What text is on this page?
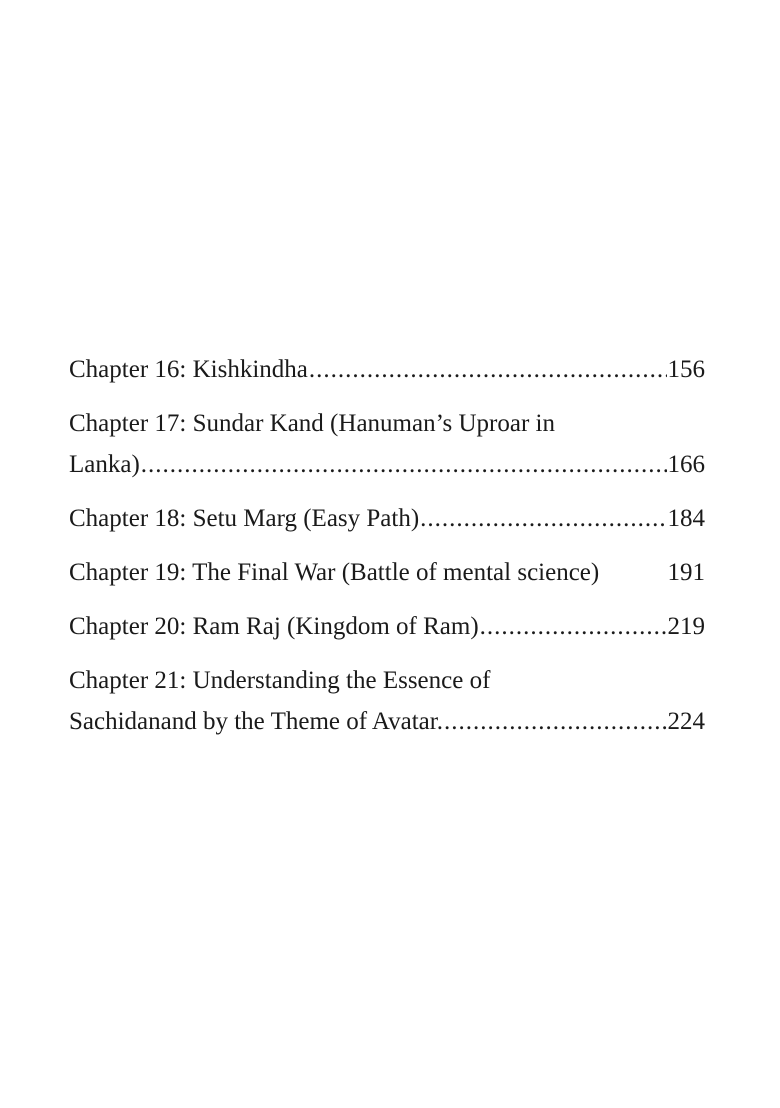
Chapter 16: Kishkindha .....	156
Chapter 17: Sundar Kand (Hanuman’s Uproar in
Lanka) .....	166
Chapter 18: Setu Marg (Easy Path) .....	184
Chapter 19: The Final War (Battle of mental science)	191
Chapter 20: Ram Raj (Kingdom of Ram) .....	219
Chapter 21: Understanding the Essence of
Sachidanand by the Theme of Avatar. .....	224
